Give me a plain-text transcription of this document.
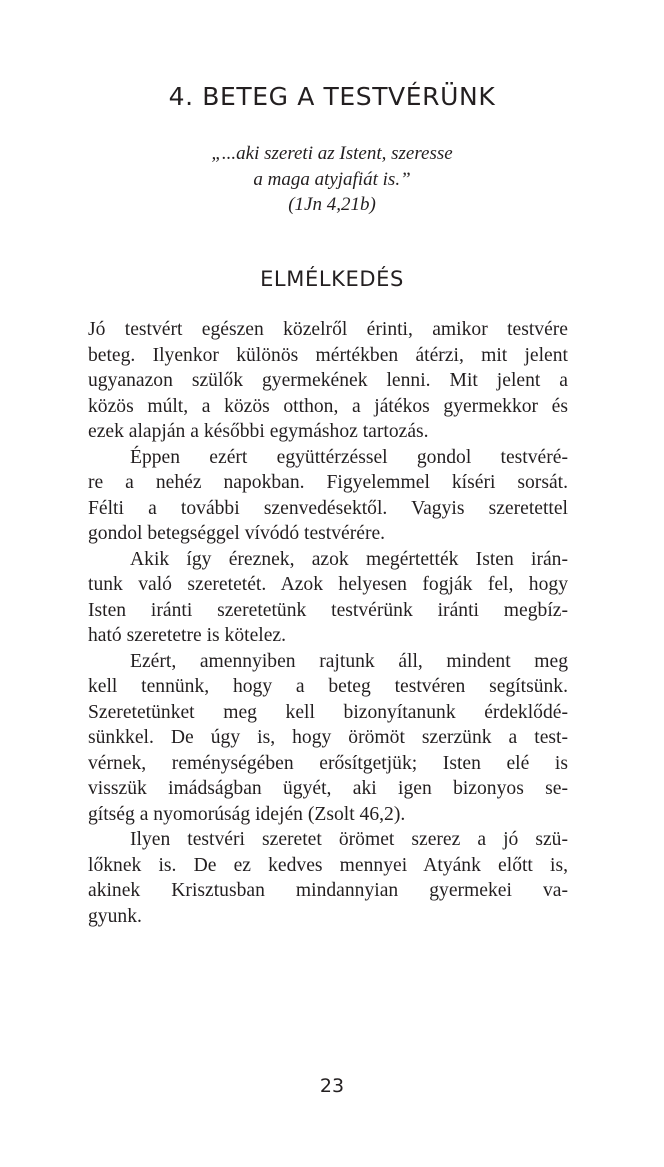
4. BETEG A TESTVÉRÜNK
„...aki szereti az Istent, szeresse
a maga atyjafiát is.”
(1Jn 4,21b)
ELMÉLKEDÉS
Jó testvért egészen közelről érinti, amikor testvére
beteg. Ilyenkor különös mértékben átérzi, mit jelent
ugyanazon szülők gyermekének lenni. Mit jelent a
közös múlt, a közös otthon, a játékos gyermekkor és
ezek alapján a későbbi egymáshoz tartozás.
Éppen ezért együttérzéssel gondol testvéré-
re a nehéz napokban. Figyelemmel kíséri sorsát.
Félti a további szenvedésektől. Vagyis szeretettel
gondol betegséggel vívódó testvérére.
Akik így éreznek, azok megértették Isten irán-
tunk való szeretetét. Azok helyesen fogják fel, hogy
Isten iránti szeretetünk testvérünk iránti megbíz-
ható szeretetre is kötelez.
Ezért, amennyiben rajtunk áll, mindent meg
kell tennünk, hogy a beteg testvéren segítsünk.
Szeretetünket meg kell bizonyítanunk érdeklődé-
sünkkel. De úgy is, hogy örömöt szerzünk a test-
vérnek, reménységében erősítgetjük; Isten elé is
visszük imádságban ügyét, aki igen bizonyos se-
gítség a nyomorúság idején (Zsolt 46,2).
Ilyen testvéri szeretet örömet szerez a jó szü-
lőknek is. De ez kedves mennyei Atyánk előtt is,
akinek Krisztusban mindannyian gyermekei va-
gyunk.
23
